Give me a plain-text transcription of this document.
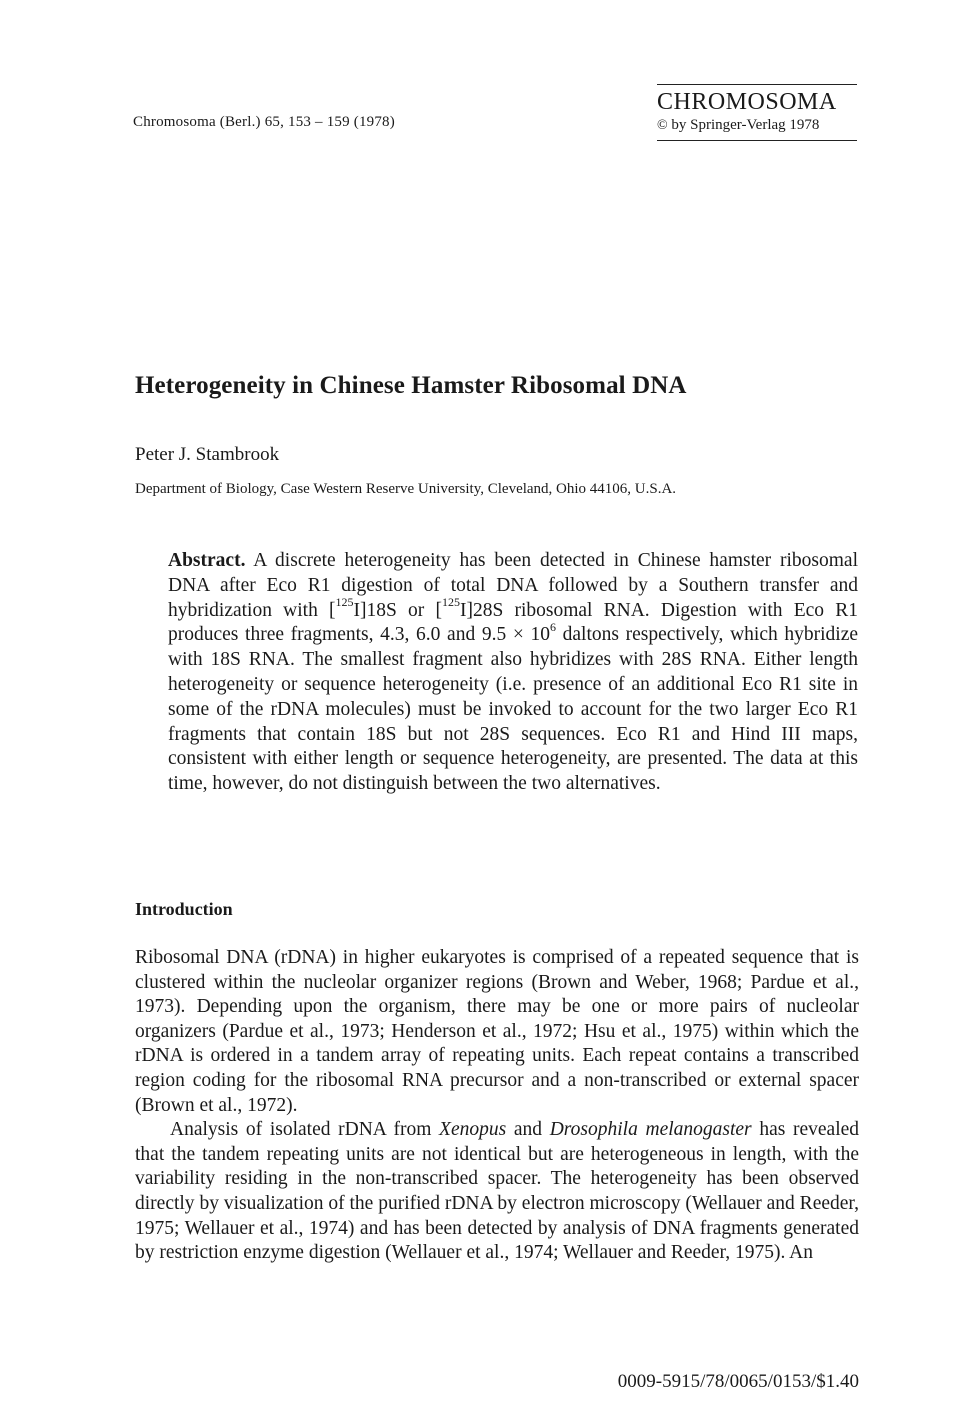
Chromosoma (Berl.) 65, 153 – 159 (1978)
CHROMOSOMA
© by Springer-Verlag 1978
Heterogeneity in Chinese Hamster Ribosomal DNA
Peter J. Stambrook
Department of Biology, Case Western Reserve University, Cleveland, Ohio 44106, U.S.A.

Abstract. A discrete heterogeneity has been detected in Chinese hamster ribosomal DNA after Eco R1 digestion of total DNA followed by a Southern transfer and hybridization with [$^{125}$I]18S or [$^{125}$I]28S ribosomal RNA. Digestion with Eco R1 produces three fragments, 4.3, 6.0 and $9.5 \times 10^6$ daltons respectively, which hybridize with 18S RNA. The smallest fragment also hybridizes with 28S RNA. Either length heterogeneity or sequence heterogeneity (i.e. presence of an additional Eco R1 site in some of the rDNA molecules) must be invoked to account for the two larger Eco R1 fragments that contain 18S but not 28S sequences. Eco R1 and Hind III maps, consistent with either length or sequence heterogeneity, are presented. The data at this time, however, do not distinguish between the two alternatives.

Introduction

Ribosomal DNA (rDNA) in higher eukaryotes is comprised of a repeated sequence that is clustered within the nucleolar organizer regions (Brown and Weber, 1968; Pardue et al., 1973). Depending upon the organism, there may be one or more pairs of nucleolar organizers (Pardue et al., 1973; Henderson et al., 1972; Hsu et al., 1975) within which the rDNA is ordered in a tandem array of repeating units. Each repeat contains a transcribed region coding for the ribosomal RNA precursor and a non-transcribed or external spacer (Brown et al., 1972).

Analysis of isolated rDNA from Xenopus and Drosophila melanogaster has revealed that the tandem repeating units are not identical but are heterogeneous in length, with the variability residing in the non-transcribed spacer. The heterogeneity has been observed directly by visualization of the purified rDNA by electron microscopy (Wellauer and Reeder, 1975; Wellauer et al., 1974) and has been detected by analysis of DNA fragments generated by restriction enzyme digestion (Wellauer et al., 1974; Wellauer and Reeder, 1975). An

0009-5915/78/0065/0153/$1.40
